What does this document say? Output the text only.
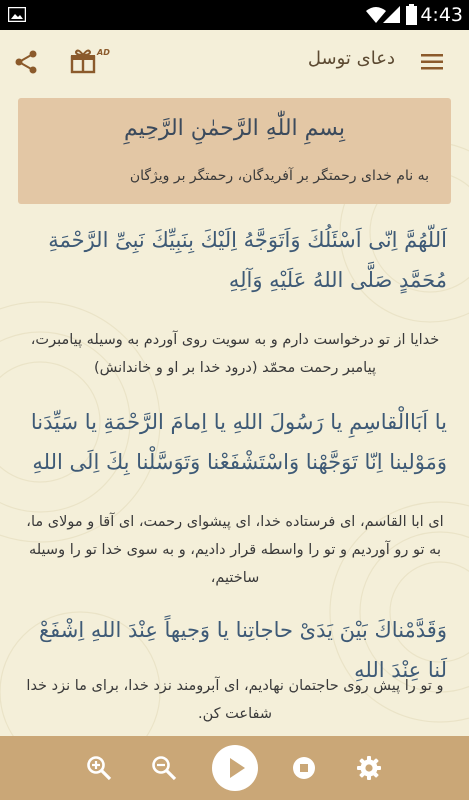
4:43
AD	دعای توسل
بِسمِ اللّٰهِ الرَّحمٰنِ الرَّحِیمِ
به نام خدای رحمتگر بر آفریدگان، رحمتگر بر ویژگان
اَللّهُمَّ اِنّی اَسْئَلُكَ وَاَتَوَجَّهُ اِلَیْكَ بِنَبِیِّكَ نَبِیِّ الرَّحْمَةِ مُحَمَّدٍ صَلَّى اللهُ عَلَیْهِ وَآلِهِ
خدایا از تو درخواست دارم و به سویت روی آوردم به وسیله پیامبرت، پیامبر رحمت محمّد (درود خدا بر او و خاندانش)
یا اَبَاالْقاسِمِ یا رَسُولَ اللهِ یا اِمامَ الرَّحْمَةِ یا سَیِّدَنا وَمَوْلینا اِنّا تَوَجَّهْنا وَاسْتَشْفَعْنا وَتَوَسَّلْنا بِكَ اِلَى اللهِ
ای ابا القاسم، ای فرستاده خدا، ای پیشوای رحمت، ای آقا و مولای ما، به تو رو آوردیم و تو را واسطه قرار دادیم، و به سوی خدا تو را وسیله ساختیم،
وَقَدَّمْناكَ بَیْنَ یَدَیْ حاجاتِنا یا وَجیهاً عِنْدَ اللهِ اِشْفَعْ لَنا عِنْدَ اللهِ
و تو را پیش روی حاجتمان نهادیم، ای آبرومند نزد خدا، برای ما نزد خدا شفاعت کن.
